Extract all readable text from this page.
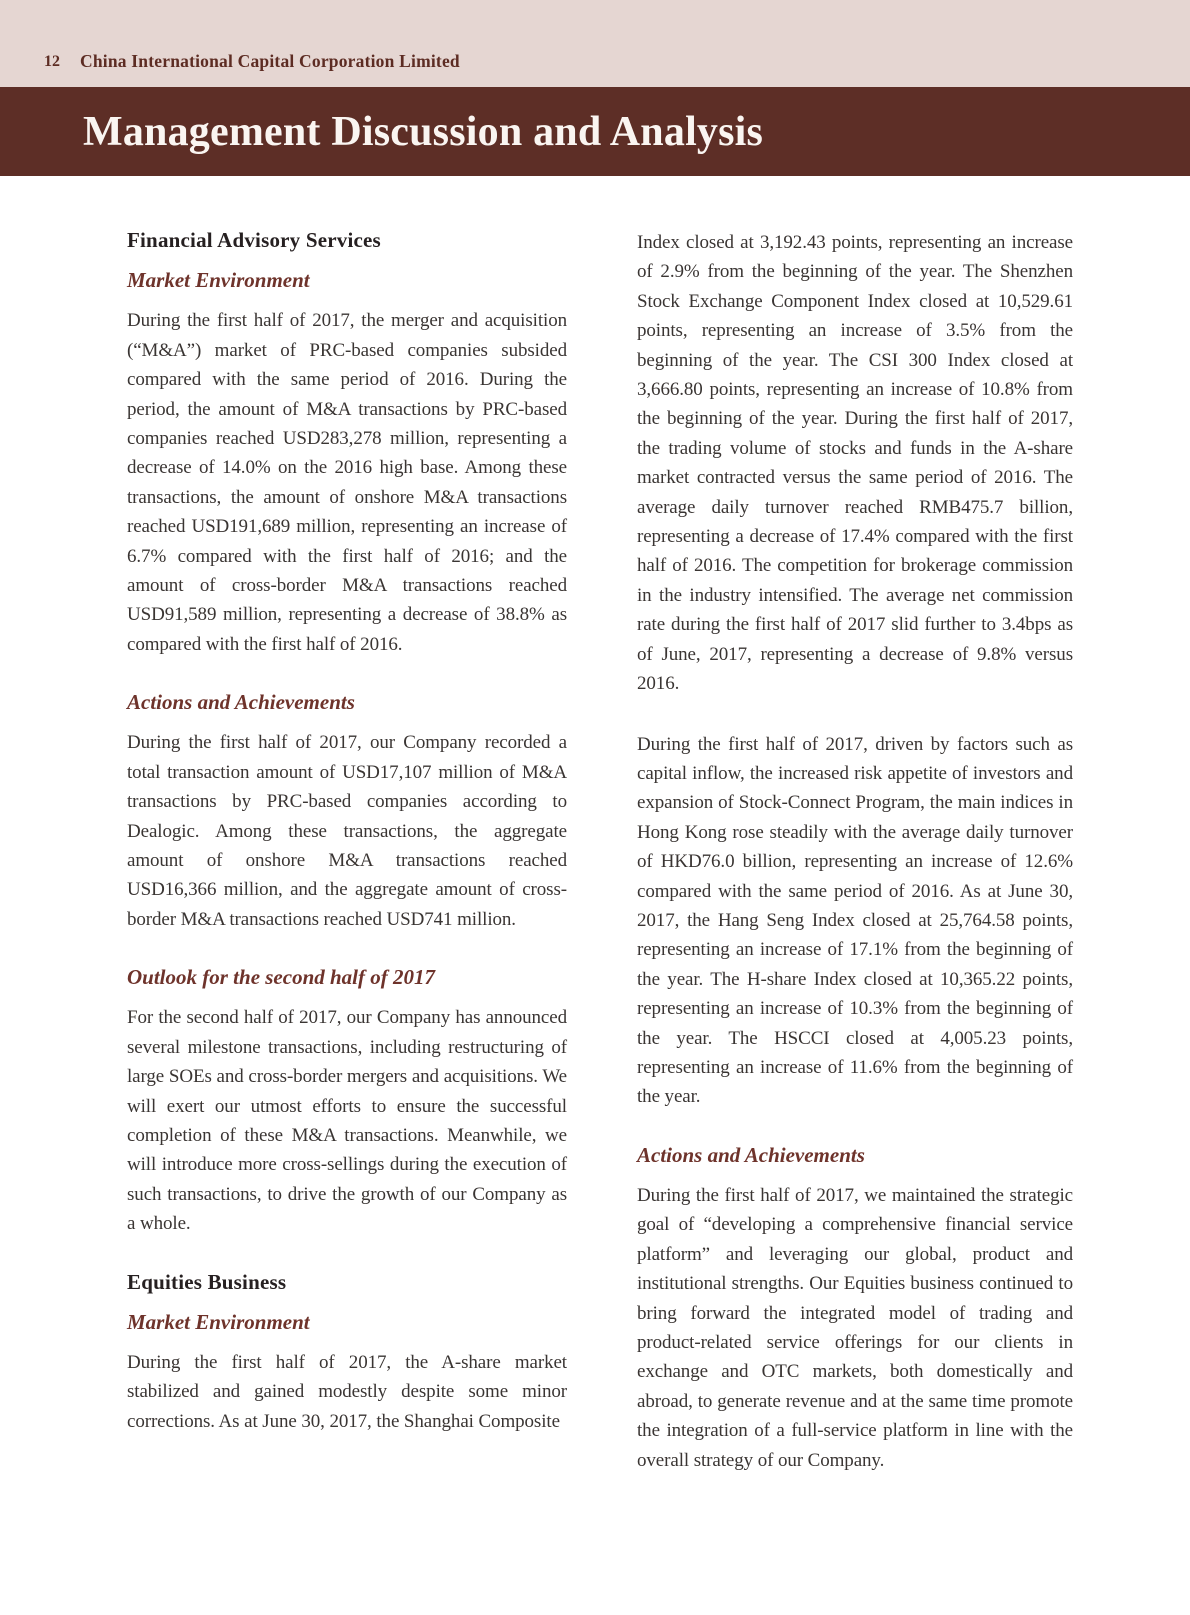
12 China International Capital Corporation Limited
Management Discussion and Analysis
Financial Advisory Services
Market Environment

During the first half of 2017, the merger and acquisition (“M&A”) market of PRC-based companies subsided compared with the same period of 2016. During the period, the amount of M&A transactions by PRC-based companies reached USD283,278 million, representing a decrease of 14.0% on the 2016 high base. Among these transactions, the amount of onshore M&A transactions reached USD191,689 million, representing an increase of 6.7% compared with the first half of 2016; and the amount of cross-border M&A transactions reached USD91,589 million, representing a decrease of 38.8% as compared with the first half of 2016.

Actions and Achievements

During the first half of 2017, our Company recorded a total transaction amount of USD17,107 million of M&A transactions by PRC-based companies according to Dealogic. Among these transactions, the aggregate amount of onshore M&A transactions reached USD16,366 million, and the aggregate amount of cross-border M&A transactions reached USD741 million.

Outlook for the second half of 2017

For the second half of 2017, our Company has announced several milestone transactions, including restructuring of large SOEs and cross-border mergers and acquisitions. We will exert our utmost efforts to ensure the successful completion of these M&A transactions. Meanwhile, we will introduce more cross-sellings during the execution of such transactions, to drive the growth of our Company as a whole.

Equities Business
Market Environment

During the first half of 2017, the A-share market stabilized and gained modestly despite some minor corrections. As at June 30, 2017, the Shanghai Composite

Index closed at 3,192.43 points, representing an increase of 2.9% from the beginning of the year. The Shenzhen Stock Exchange Component Index closed at 10,529.61 points, representing an increase of 3.5% from the beginning of the year. The CSI 300 Index closed at 3,666.80 points, representing an increase of 10.8% from the beginning of the year. During the first half of 2017, the trading volume of stocks and funds in the A-share market contracted versus the same period of 2016. The average daily turnover reached RMB475.7 billion, representing a decrease of 17.4% compared with the first half of 2016. The competition for brokerage commission in the industry intensified. The average net commission rate during the first half of 2017 slid further to 3.4bps as of June, 2017, representing a decrease of 9.8% versus 2016.

During the first half of 2017, driven by factors such as capital inflow, the increased risk appetite of investors and expansion of Stock-Connect Program, the main indices in Hong Kong rose steadily with the average daily turnover of HKD76.0 billion, representing an increase of 12.6% compared with the same period of 2016. As at June 30, 2017, the Hang Seng Index closed at 25,764.58 points, representing an increase of 17.1% from the beginning of the year. The H-share Index closed at 10,365.22 points, representing an increase of 10.3% from the beginning of the year. The HSCCI closed at 4,005.23 points, representing an increase of 11.6% from the beginning of the year.

Actions and Achievements

During the first half of 2017, we maintained the strategic goal of “developing a comprehensive financial service platform” and leveraging our global, product and institutional strengths. Our Equities business continued to bring forward the integrated model of trading and product-related service offerings for our clients in exchange and OTC markets, both domestically and abroad, to generate revenue and at the same time promote the integration of a full-service platform in line with the overall strategy of our Company.
